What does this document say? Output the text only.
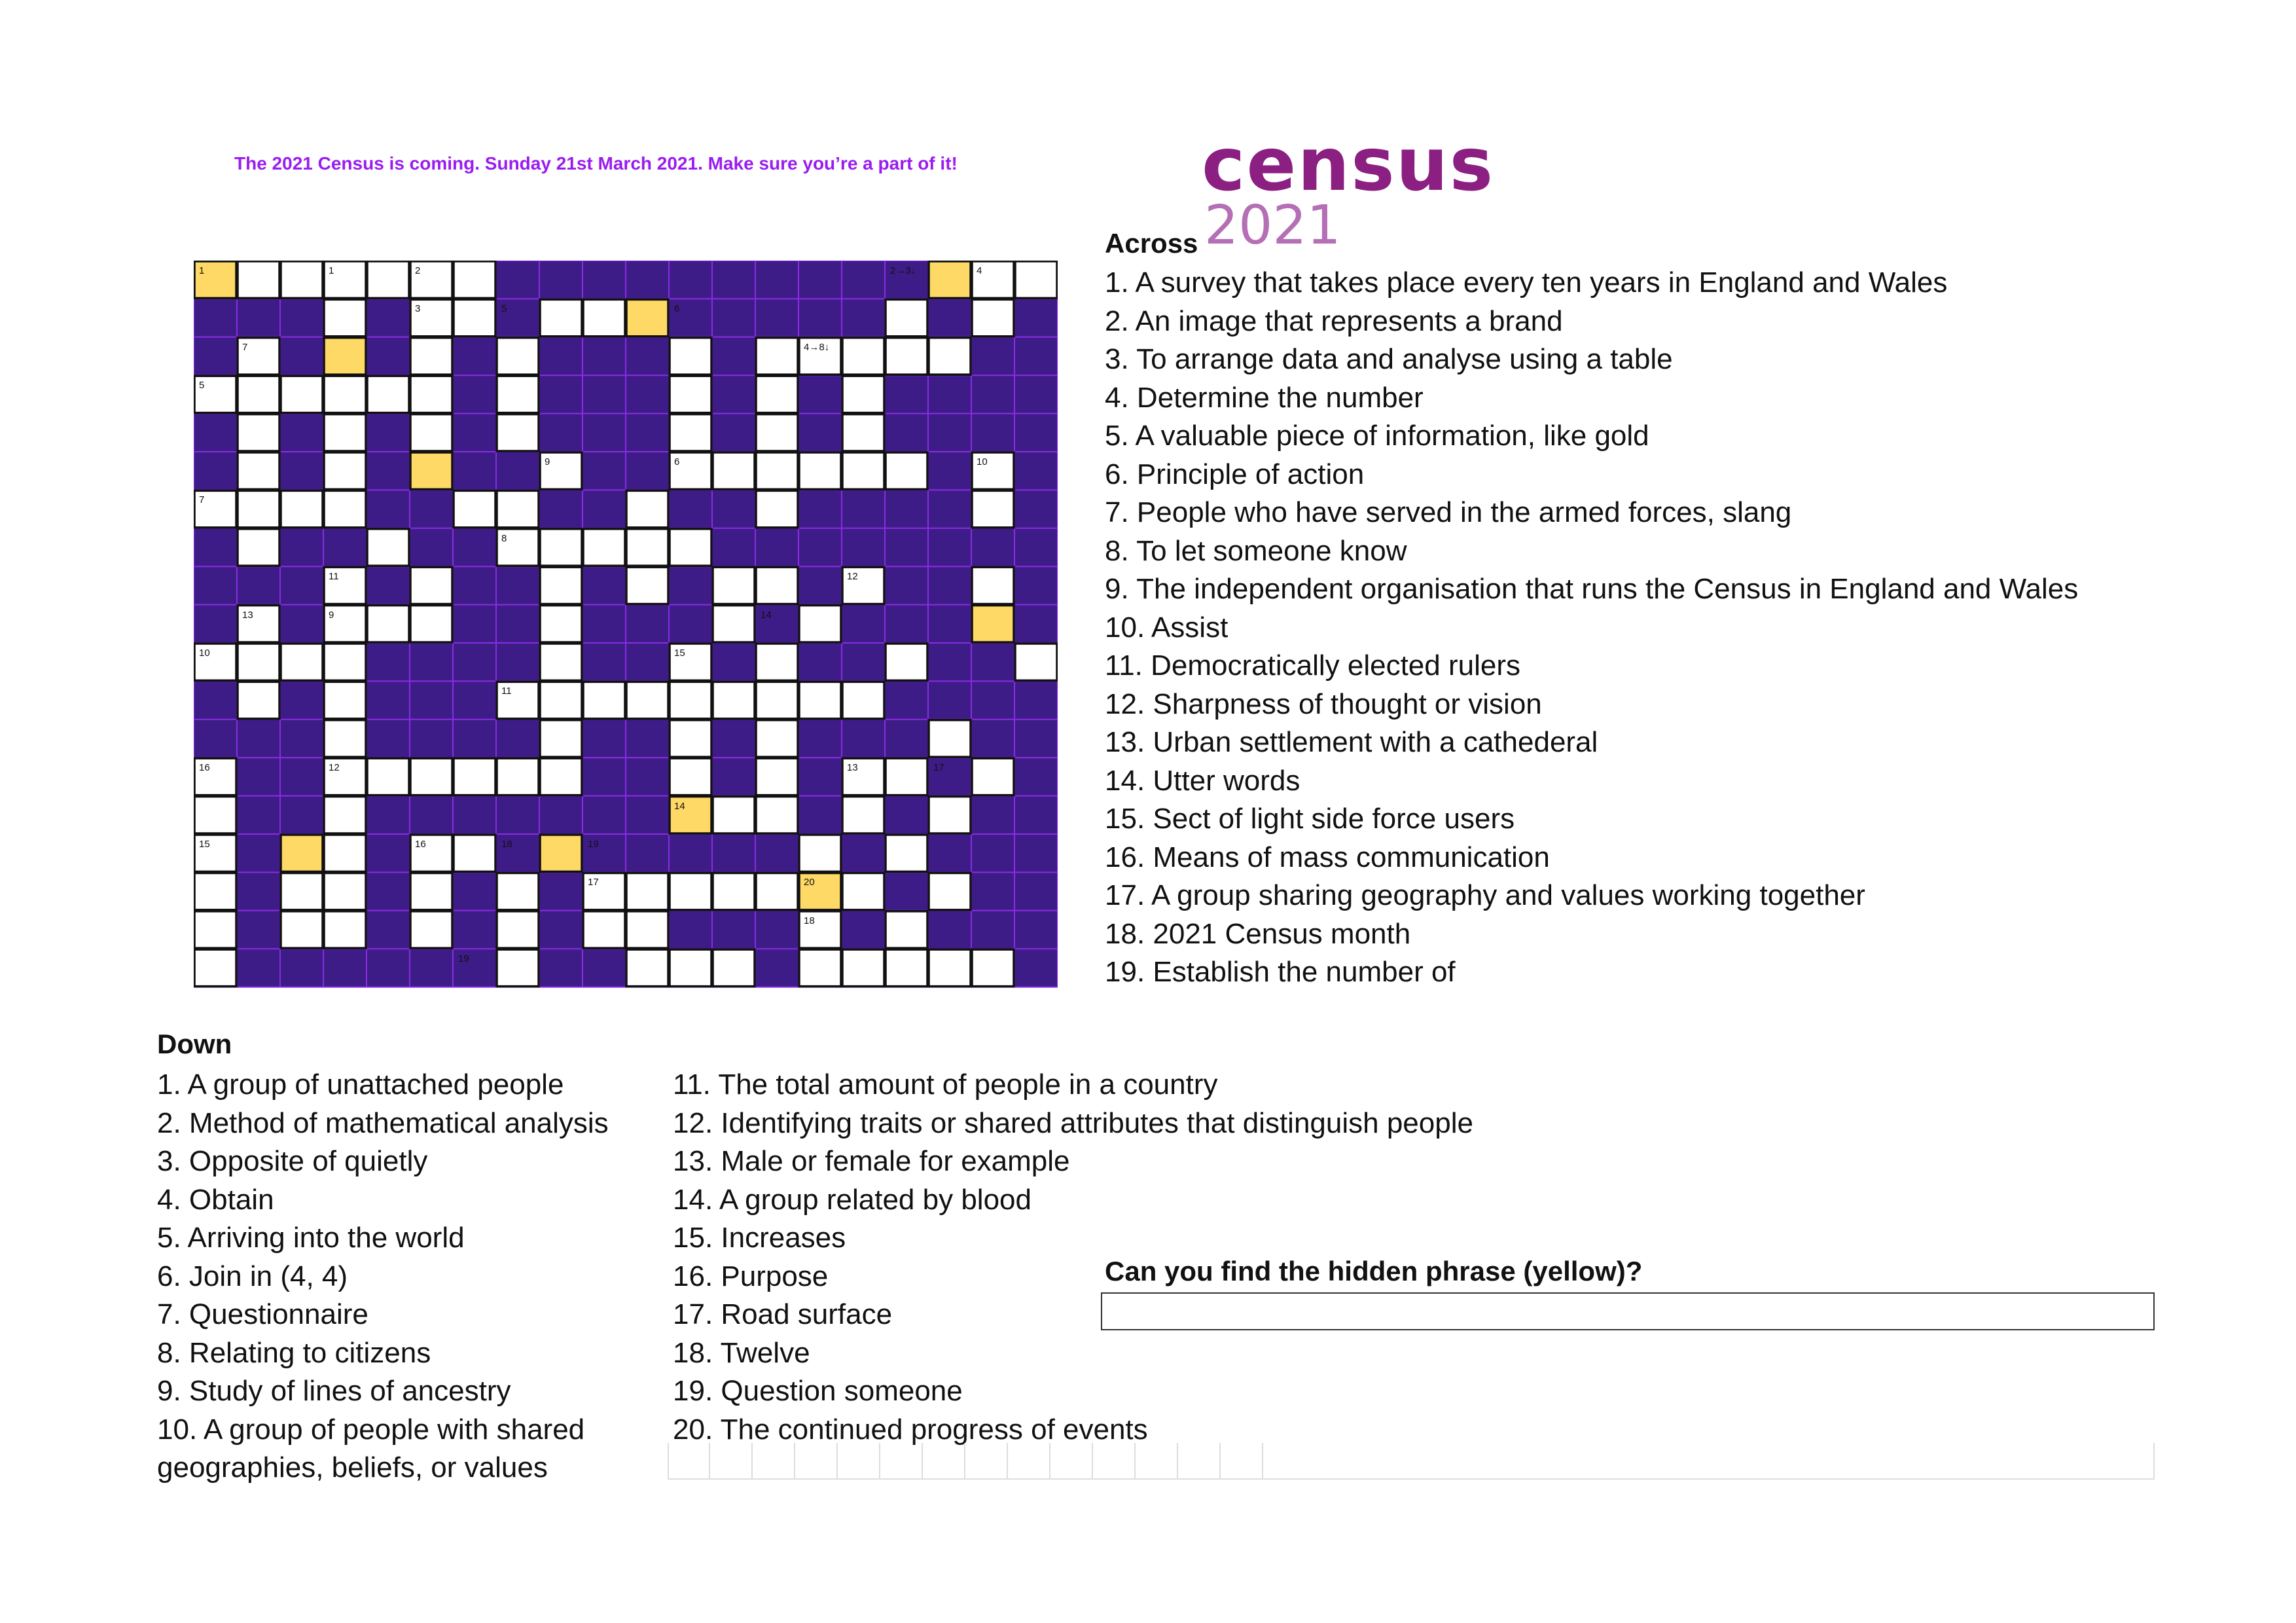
The 2021 Census is coming. Sunday 21st March 2021. Make sure you’re a part of it!	census
2021
1	1	2	2→3↓	4
3	5	6
7	4→8↓
5
9	6	10
7
8
11	12
13	9	14
10	15
11
16	12	13	17
14
15	16	18	19
17	20
18
19
Across
1. A survey that takes place every ten years in England and Wales
2. An image that represents a brand
3. To arrange data and analyse using a table
4. Determine the number
5. A valuable piece of information, like gold
6. Principle of action
7. People who have served in the armed forces, slang
8. To let someone know
9. The independent organisation that runs the Census in England and Wales
10. Assist
11. Democratically elected rulers
12. Sharpness of thought or vision
13. Urban settlement with a cathederal
14. Utter words
15. Sect of light side force users
16. Means of mass communication
17. A group sharing geography and values working together
18. 2021 Census month
19. Establish the number of
Down
1. A group of unattached people
2. Method of mathematical analysis
3. Opposite of quietly
4. Obtain
5. Arriving into the world
6. Join in (4, 4)
7. Questionnaire
8. Relating to citizens
9. Study of lines of ancestry
10. A group of people with shared geographies, beliefs, or values
11. The total amount of people in a country
12. Identifying traits or shared attributes that distinguish people
13. Male or female for example
14. A group related by blood
15. Increases
16. Purpose
17. Road surface
18. Twelve
19. Question someone
20. The continued progress of events
Can you find the hidden phrase (yellow)?
